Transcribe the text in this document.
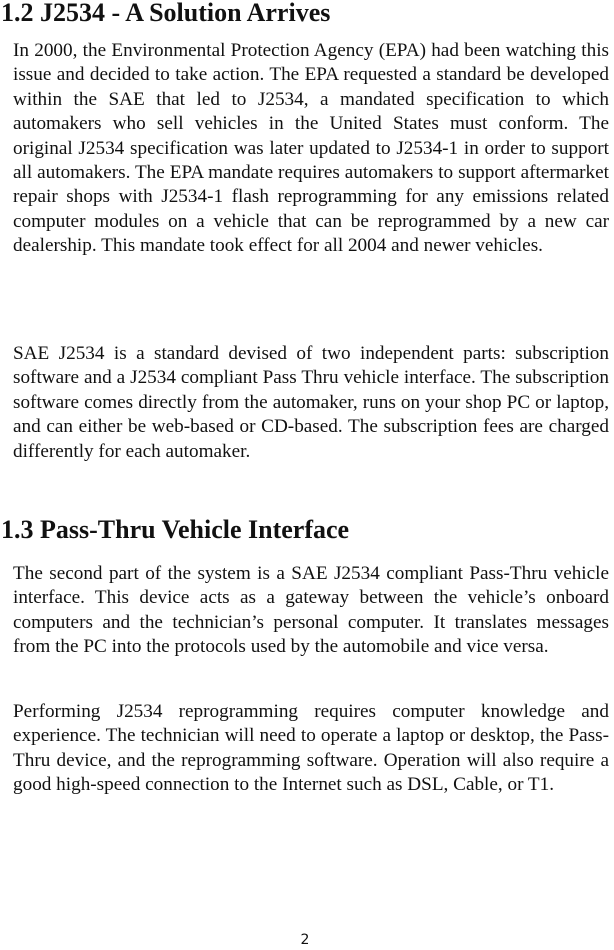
1.2 J2534 - A Solution Arrives

In 2000, the Environmental Protection Agency (EPA) had been watching this issue and decided to take action. The EPA requested a standard be developed within the SAE that led to J2534, a mandated specification to which automakers who sell vehicles in the United States must conform. The original J2534 specification was later updated to J2534-1 in order to support all automakers. The EPA mandate requires automakers to support aftermarket repair shops with J2534-1 flash reprogramming for any emissions related computer modules on a vehicle that can be reprogrammed by a new car dealership. This mandate took effect for all 2004 and newer vehicles.

SAE J2534 is a standard devised of two independent parts: subscription software and a J2534 compliant Pass Thru vehicle interface. The subscription software comes directly from the automaker, runs on your shop PC or laptop, and can either be web-based or CD-based. The subscription fees are charged differently for each automaker.

1.3 Pass-Thru Vehicle Interface

The second part of the system is a SAE J2534 compliant Pass-Thru vehicle interface. This device acts as a gateway between the vehicle’s onboard computers and the technician’s personal computer. It translates messages from the PC into the protocols used by the automobile and vice versa.

Performing J2534 reprogramming requires computer knowledge and experience. The technician will need to operate a laptop or desktop, the Pass-Thru device, and the reprogramming software. Operation will also require a good high-speed connection to the Internet such as DSL, Cable, or T1.

2
